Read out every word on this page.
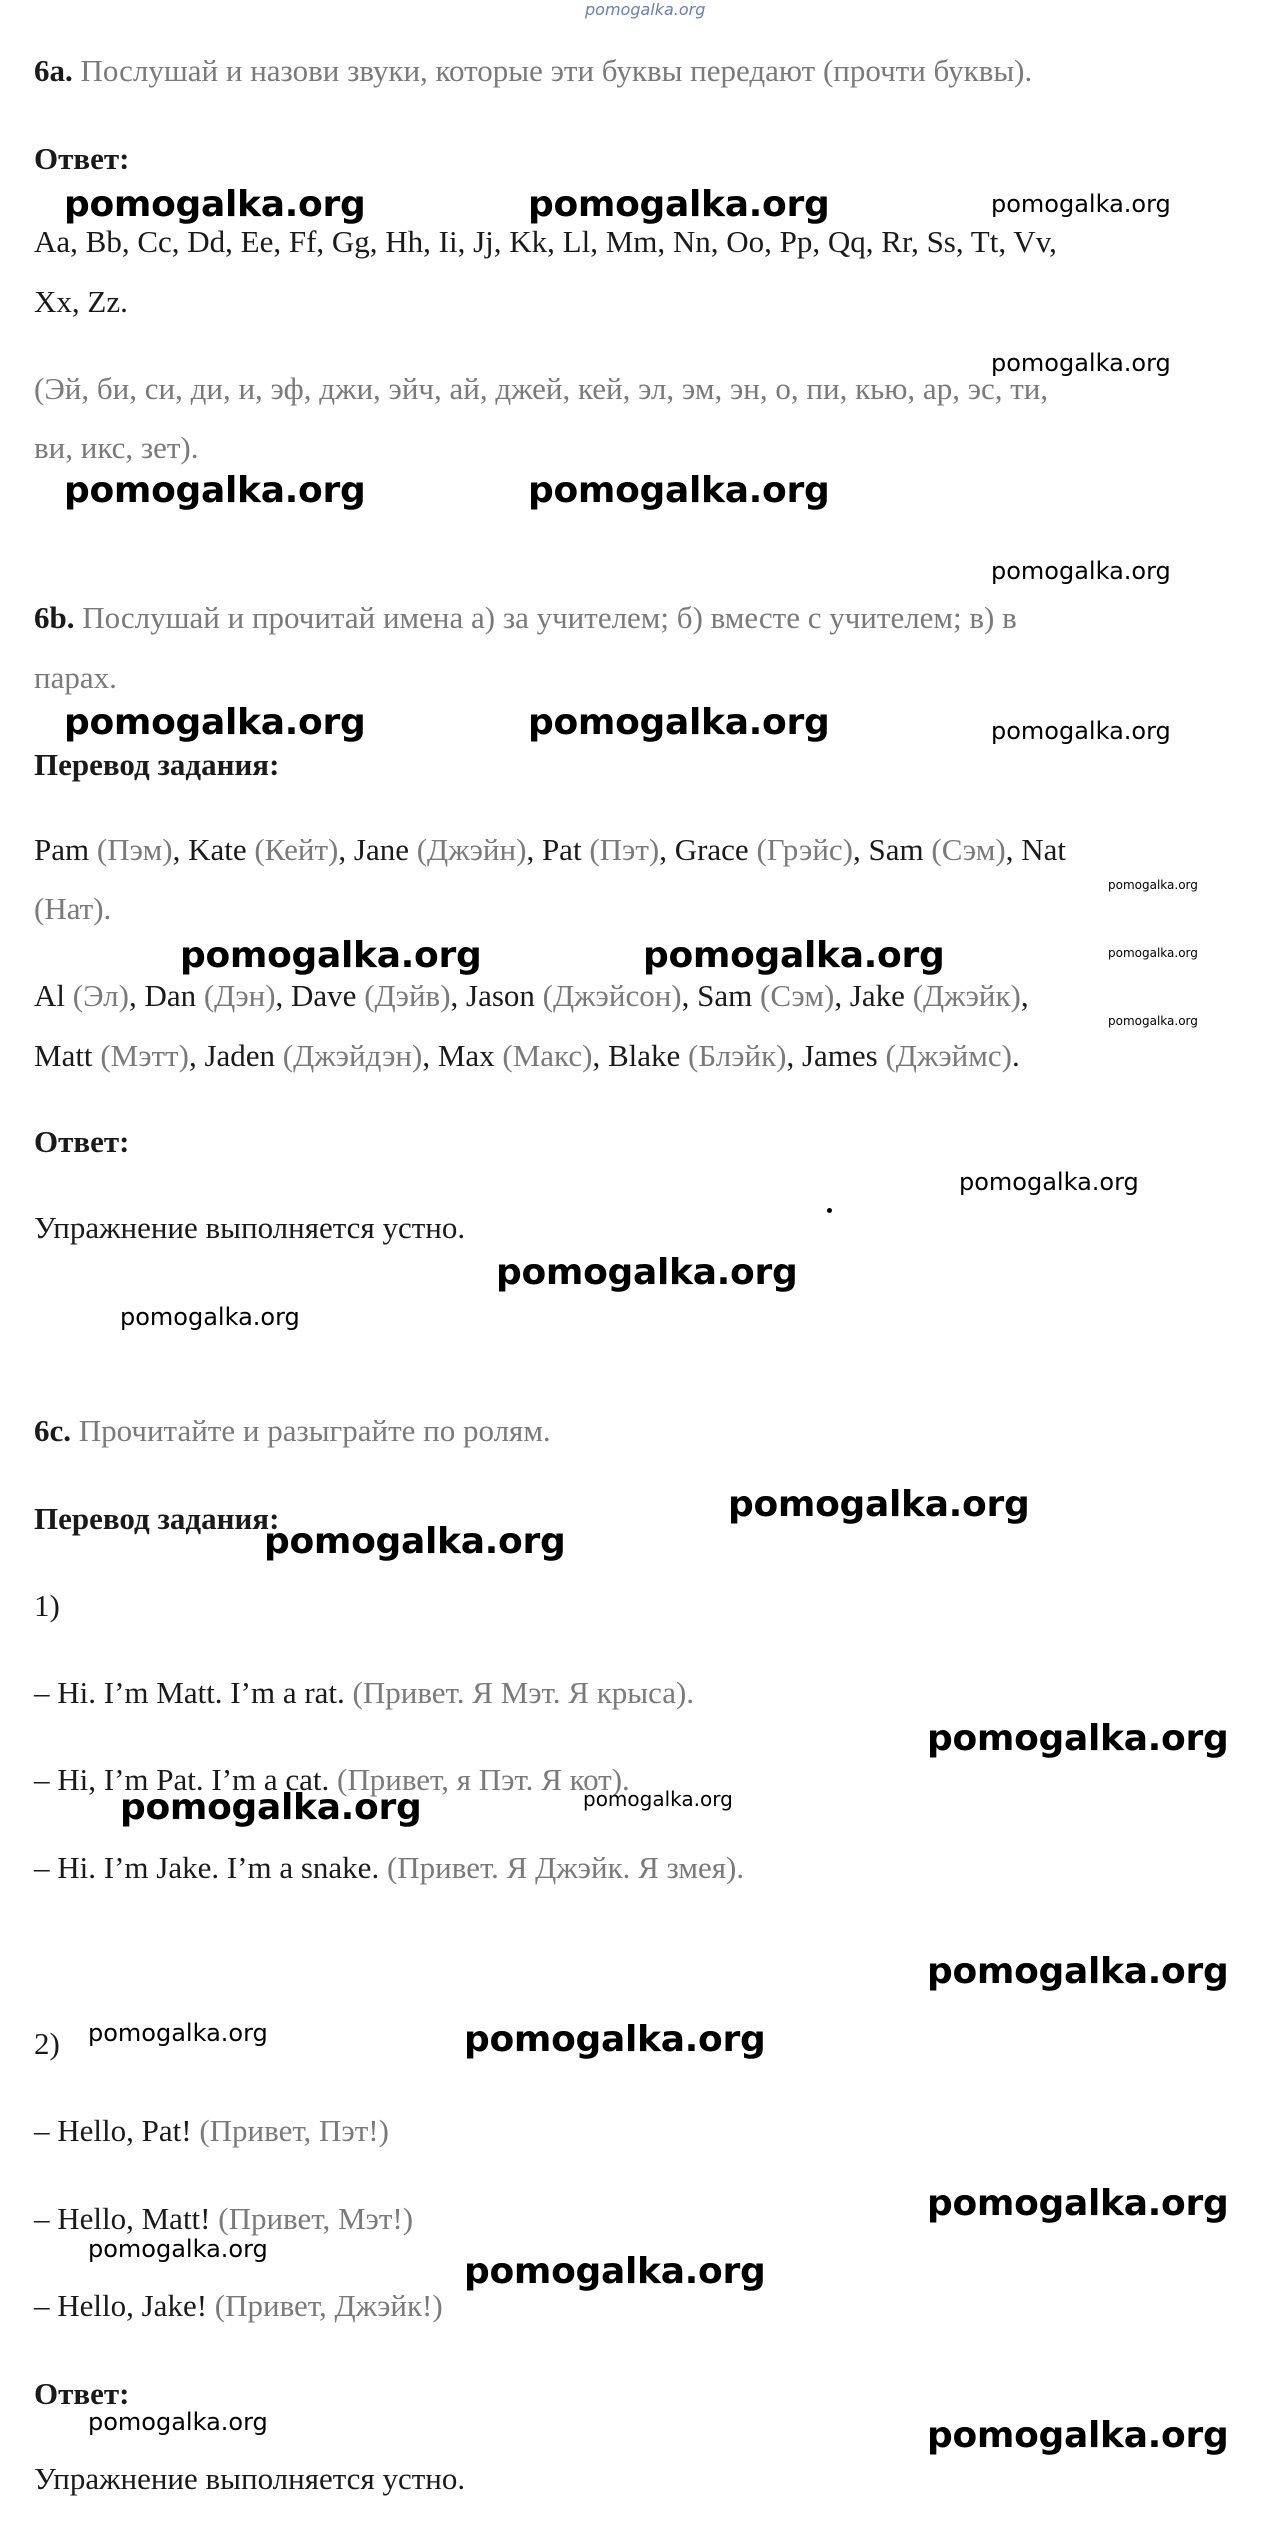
pomogalka.org
6a. Послушай и назови звуки, которые эти буквы передают (прочти буквы).
Ответ:
Aa, Bb, Cc, Dd, Ee, Ff, Gg, Hh, Ii, Jj, Kk, Ll, Mm, Nn, Oo, Pp, Qq, Rr, Ss, Tt, Vv,
Xx, Zz.
(Эй, би, си, ди, и, эф, джи, эйч, ай, джей, кей, эл, эм, эн, о, пи, кью, ар, эс, ти,
ви, икс, зет).
6b. Послушай и прочитай имена а) за учителем; б) вместе с учителем; в) в
парах.
Перевод задания:
Pam (Пэм), Kate (Кейт), Jane (Джэйн), Pat (Пэт), Grace (Грэйс), Sam (Сэм), Nat
(Нат).
Al (Эл), Dan (Дэн), Dave (Дэйв), Jason (Джэйсон), Sam (Сэм), Jake (Джэйк),
Matt (Мэтт), Jaden (Джэйдэн), Max (Макс), Blake (Блэйк), James (Джэймс).
Ответ:
Упражнение выполняется устно.
6c. Прочитайте и разыграйте по ролям.
Перевод задания:
1)
– Hi. I’m Matt. I’m a rat. (Привет. Я Мэт. Я крыса).
– Hi, I’m Pat. I’m a cat. (Привет, я Пэт. Я кот).
– Hi. I’m Jake. I’m a snake. (Привет. Я Джэйк. Я змея).
2)
– Hello, Pat! (Привет, Пэт!)
– Hello, Matt! (Привет, Мэт!)
– Hello, Jake! (Привет, Джэйк!)
Ответ:
Упражнение выполняется устно.
pomogalka.org	pomogalka.org	pomogalka.org
pomogalka.org
pomogalka.org	pomogalka.org
pomogalka.org
pomogalka.org	pomogalka.org	pomogalka.org
pomogalka.org
pomogalka.org	pomogalka.org	pomogalka.org
pomogalka.org
pomogalka.org
pomogalka.org
pomogalka.org
pomogalka.org
pomogalka.org
pomogalka.org
pomogalka.org	pomogalka.org
pomogalka.org
pomogalka.org	pomogalka.org
pomogalka.org
pomogalka.org
pomogalka.org
pomogalka.org	pomogalka.org
